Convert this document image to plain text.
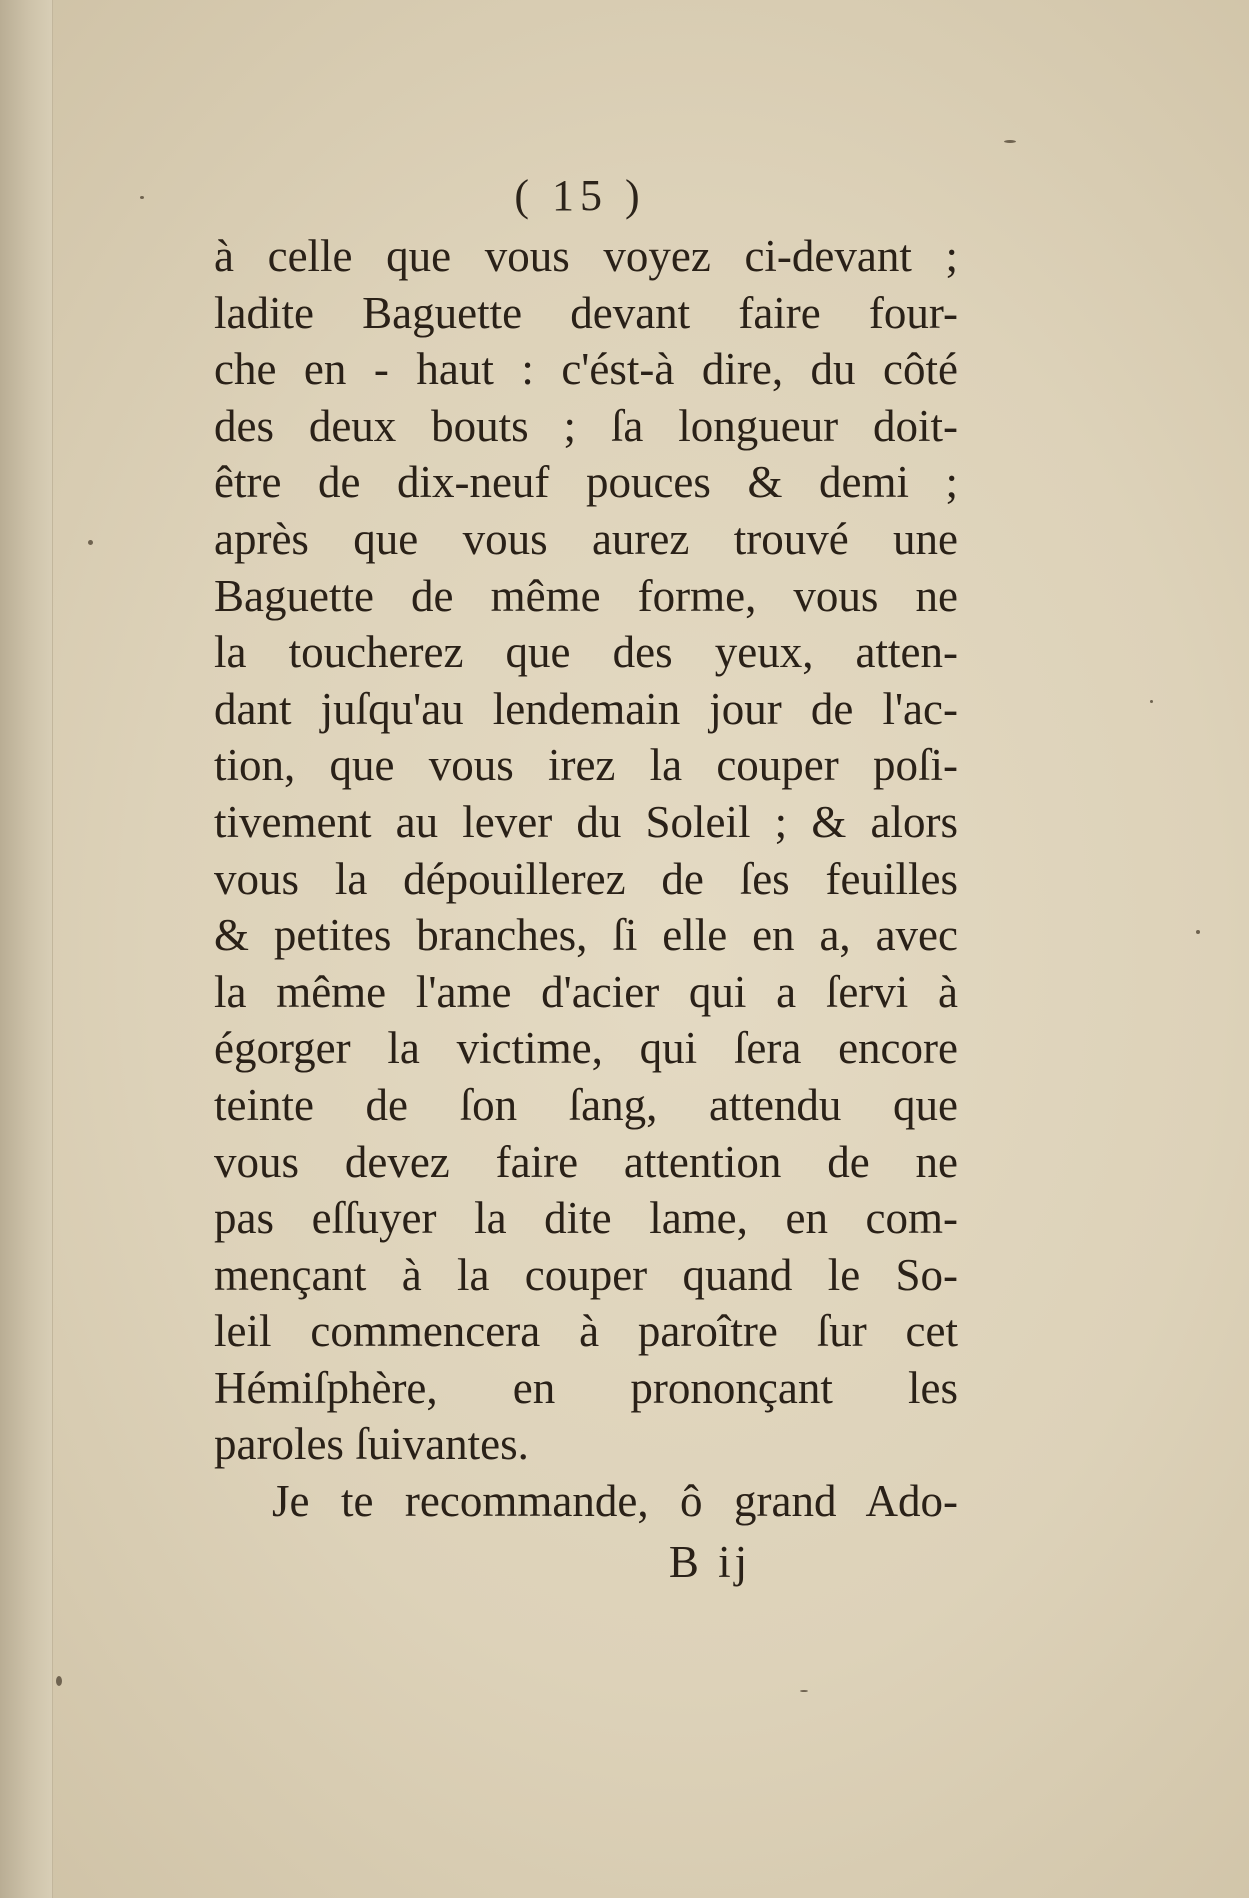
( 15 )
à celle que vous voyez ci-devant ;
ladite Baguette devant faire four-
che en - haut : c'ést-à dire, du côté
des deux bouts ; ſa longueur doit-
être de dix-neuf pouces & demi ;
après que vous aurez trouvé une
Baguette de même forme, vous ne
la toucherez que des yeux, atten-
dant juſqu'au lendemain jour de l'ac-
tion, que vous irez la couper poſi-
tivement au lever du Soleil ; & alors
vous la dépouillerez de ſes feuilles
& petites branches, ſi elle en a, avec
la même l'ame d'acier qui a ſervi à
égorger la victime, qui ſera encore
teinte de ſon ſang, attendu que
vous devez faire attention de ne
pas eſſuyer la dite lame, en com-
mençant à la couper quand le So-
leil commencera à paroître ſur cet
Hémiſphère, en prononçant les
paroles ſuivantes.
Je te recommande, ô grand Ado-
B ij
